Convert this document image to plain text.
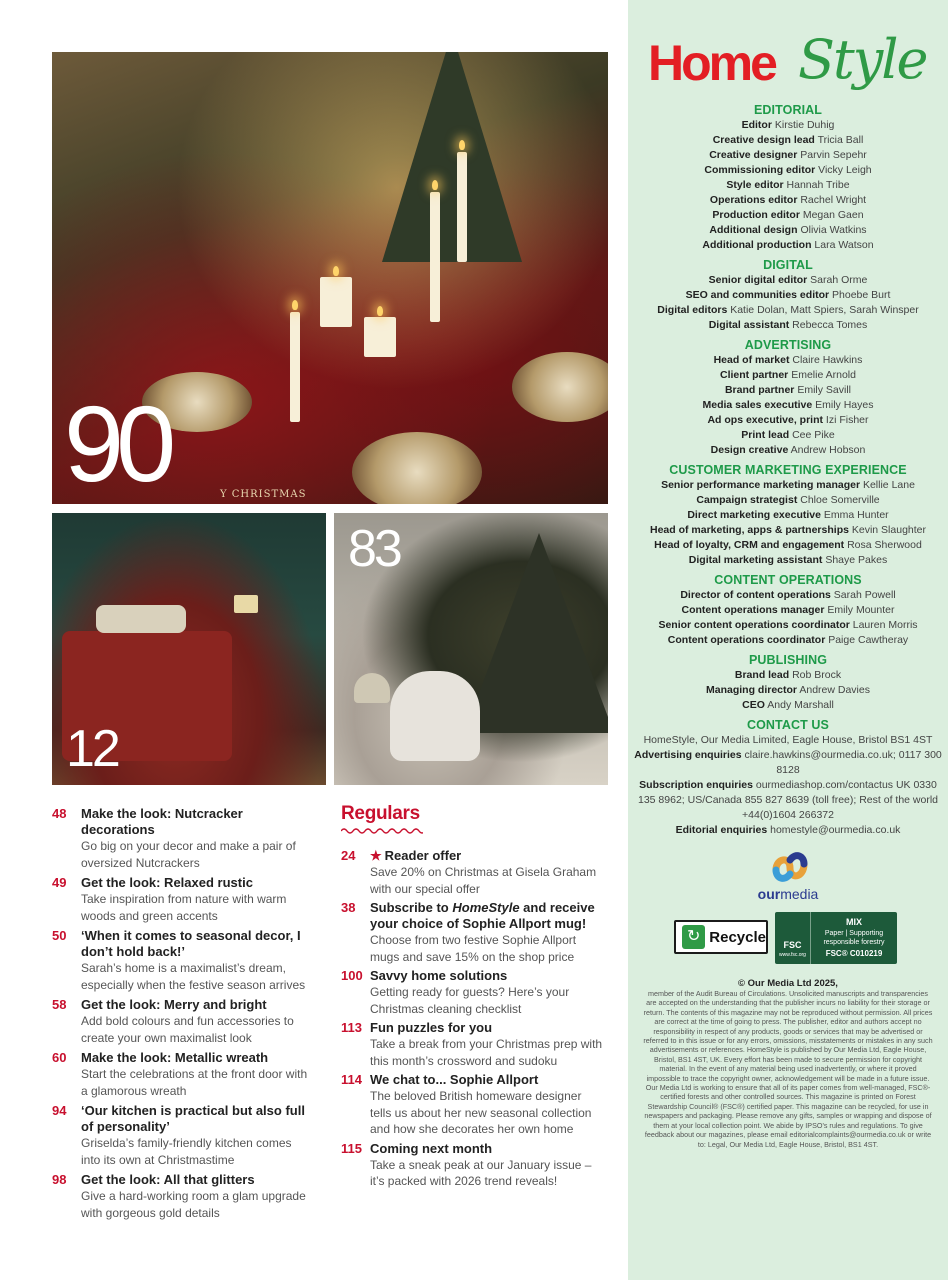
90	Y CHRISTMAS
12
83
48	Make the look: Nutcracker decorations
Go big on your decor and make a pair of oversized Nutcrackers
49	Get the look: Relaxed rustic
Take inspiration from nature with warm woods and green accents
50	‘When it comes to seasonal decor, I don’t hold back!’
Sarah’s home is a maximalist’s dream, especially when the festive season arrives
58	Get the look: Merry and bright
Add bold colours and fun accessories to create your own maximalist look
60	Make the look: Metallic wreath
Start the celebrations at the front door with a glamorous wreath
94	‘Our kitchen is practical but also full of personality’
Griselda’s family-friendly kitchen comes into its own at Christmastime
98	Get the look: All that glitters
Give a hard-working room a glam upgrade with gorgeous gold details
Regulars
24	★ Reader offer
Save 20% on Christmas at Gisela Graham with our special offer
38	Subscribe to HomeStyle and receive your choice of Sophie Allport mug!
Choose from two festive Sophie Allport mugs and save 15% on the shop price
100 Savvy home solutions
Getting ready for guests? Here’s your Christmas cleaning checklist
113 Fun puzzles for you
Take a break from your Christmas prep with this month’s crossword and sudoku
114 We chat to... Sophie Allport
The beloved British homeware designer tells us about her new seasonal collection and how she decorates her own home
115 Coming next month
Take a sneak peak at our January issue – it’s packed with 2026 trend reveals!
Home Style
EDITORIAL
Editor Kirstie Duhig
Creative design lead Tricia Ball
Creative designer Parvin Sepehr
Commissioning editor Vicky Leigh
Style editor Hannah Tribe
Operations editor Rachel Wright
Production editor Megan Gaen
Additional design Olivia Watkins
Additional production Lara Watson
DIGITAL
Senior digital editor Sarah Orme
SEO and communities editor Phoebe Burt
Digital editors Katie Dolan, Matt Spiers, Sarah Winsper
Digital assistant Rebecca Tomes
ADVERTISING
Head of market Claire Hawkins
Client partner Emelie Arnold
Brand partner Emily Savill
Media sales executive Emily Hayes
Ad ops executive, print Izi Fisher
Print lead Cee Pike
Design creative Andrew Hobson
CUSTOMER MARKETING EXPERIENCE
Senior performance marketing manager Kellie Lane
Campaign strategist Chloe Somerville
Direct marketing executive Emma Hunter
Head of marketing, apps & partnerships Kevin Slaughter
Head of loyalty, CRM and engagement Rosa Sherwood
Digital marketing assistant Shaye Pakes
CONTENT OPERATIONS
Director of content operations Sarah Powell
Content operations manager Emily Mounter
Senior content operations coordinator Lauren Morris
Content operations coordinator Paige Cawtheray
PUBLISHING
Brand lead Rob Brock
Managing director Andrew Davies
CEO Andy Marshall
CONTACT US
HomeStyle, Our Media Limited, Eagle House, Bristol BS1 4ST
Advertising enquiries claire.hawkins@ourmedia.co.uk; 0117 300 8128
Subscription enquiries ourmediashop.com/contactus UK 0330 135 8962; US/Canada 855 827 8639 (toll free); Rest of the world +44(0)1604 266372
Editorial enquiries homestyle@ourmedia.co.uk
ourmedia
↻ Recycle	FSC
www.fsc.org
MIX
Paper | Supporting responsible forestry
FSC® C010219
© Our Media Ltd 2025,
member of the Audit Bureau of Circulations. Unsolicited manuscripts and transparencies are accepted on the understanding that the publisher incurs no liability for their storage or return. The contents of this magazine may not be reproduced without permission. All prices are correct at the time of going to press. The publisher, editor and authors accept no responsibility in respect of any products, goods or services that may be advertised or referred to in this issue or for any errors, omissions, misstatements or mistakes in any such advertisements or references. HomeStyle is published by Our Media Ltd, Eagle House, Bristol, BS1 4ST, UK. Every effort has been made to secure permission for copyright material. In the event of any material being used inadvertently, or where it proved impossible to trace the copyright owner, acknowledgement will be made in a future issue. Our Media Ltd is working to ensure that all of its paper comes from well-managed, FSC®-certified forests and other controlled sources. This magazine is printed on Forest Stewardship Council® (FSC®) certified paper. This magazine can be recycled, for use in newspapers and packaging. Please remove any gifts, samples or wrapping and dispose of them at your local collection point. We abide by IPSO's rules and regulations. To give feedback about our magazines, please email editorialcomplaints@ourmedia.co.uk or write to: Legal, Our Media Ltd, Eagle House, Bristol, BS1 4ST.
